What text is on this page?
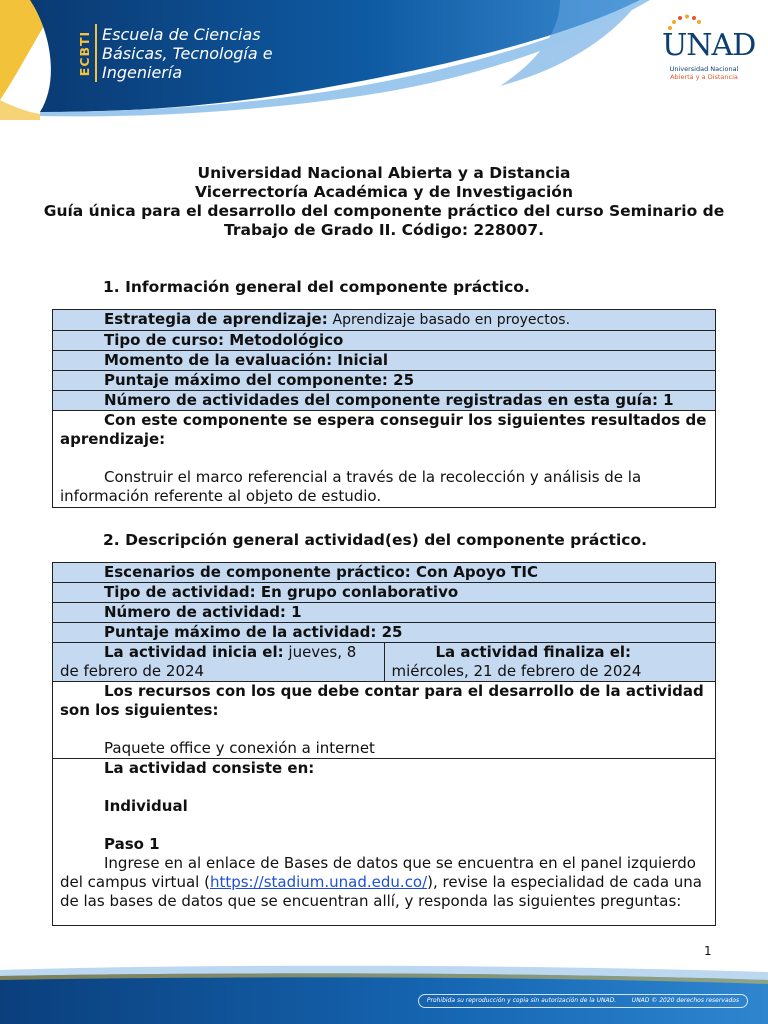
ECBTI Escuela de Ciencias
Básicas, Tecnología e
Ingeniería
UNAD
Universidad Nacional
Abierta y a Distancia
Universidad Nacional Abierta y a Distancia
Vicerrectoría Académica y de Investigación
Guía única para el desarrollo del componente práctico del curso Seminario de
Trabajo de Grado II. Código: 228007.
1. Información general del componente práctico.
Estrategia de aprendizaje: Aprendizaje basado en proyectos.
Tipo de curso: Metodológico
Momento de la evaluación: Inicial
Puntaje máximo del componente: 25
Número de actividades del componente registradas en esta guía: 1
Con este componente se espera conseguir los siguientes resultados de aprendizaje:
Construir el marco referencial a través de la recolección y análisis de la información referente al objeto de estudio.
2. Descripción general actividad(es) del componente práctico.
Escenarios de componente práctico: Con Apoyo TIC
Tipo de actividad: En grupo conlaborativo
Número de actividad: 1
Puntaje máximo de la actividad: 25
La actividad inicia el: jueves, 8 de febrero de 2024
La actividad finaliza el: miércoles, 21 de febrero de 2024
Los recursos con los que debe contar para el desarrollo de la actividad son los siguientes:
Paquete office y conexión a internet
La actividad consiste en:
Individual
Paso 1
Ingrese en al enlace de Bases de datos que se encuentra en el panel izquierdo del campus virtual (https://stadium.unad.edu.co/), revise la especialidad de cada una de las bases de datos que se encuentran allí, y responda las siguientes preguntas:
1
Prohibida su reproducción y copia sin autorización de la UNAD.	UNAD © 2020 derechos reservados
